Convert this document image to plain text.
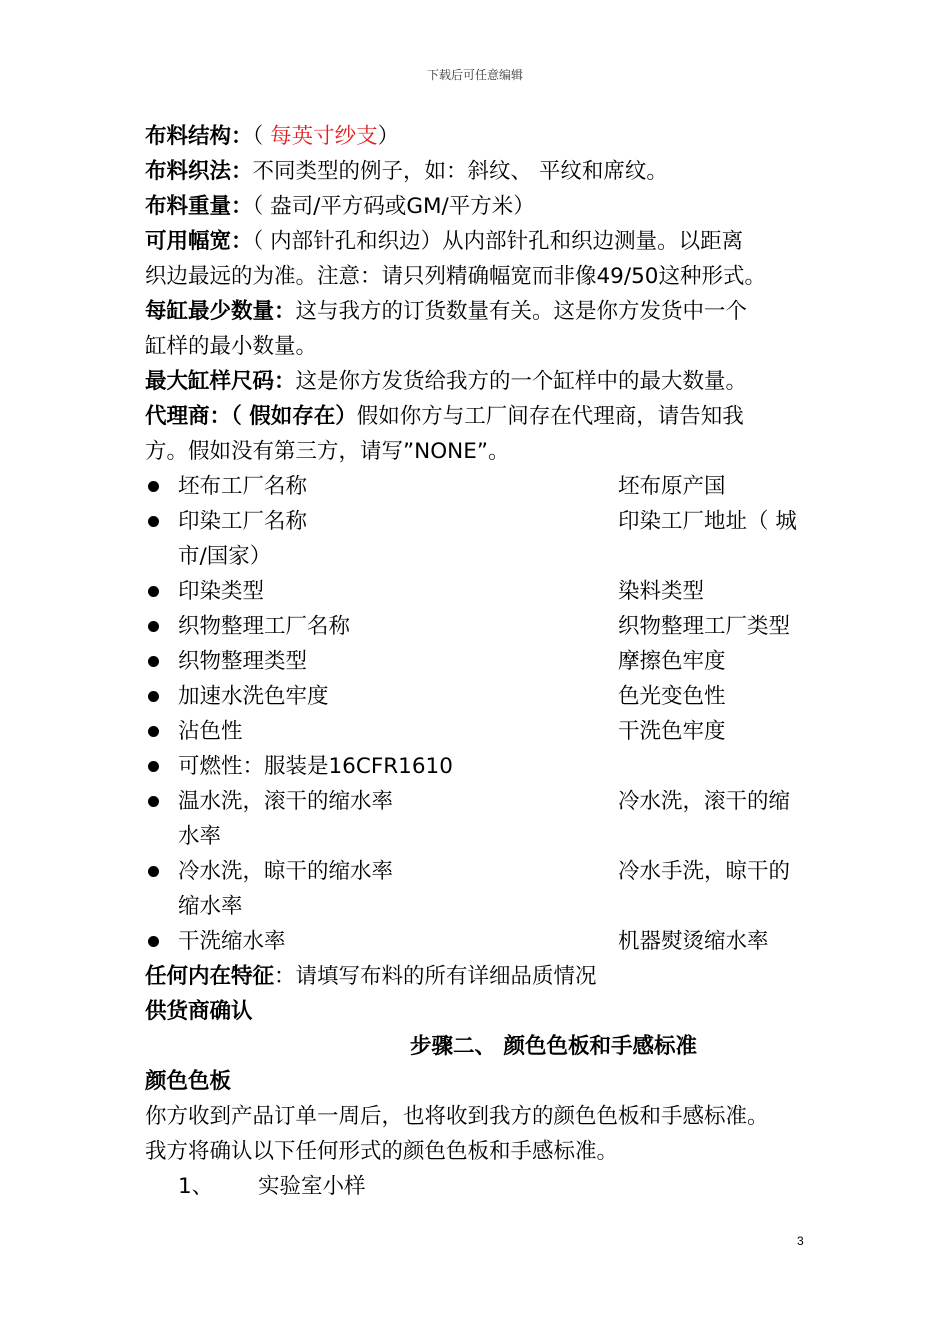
下载后可任意编辑
布料结构：（ 每英寸纱支）
布料织法：不同类型的例子，如：斜纹、 平纹和席纹。
布料重量：（ 盎司/平方码或GM/平方米）
可用幅宽：（ 内部针孔和织边）从内部针孔和织边测量。以距离
织边最远的为准。注意：请只列精确幅宽而非像49/50这种形式。
每缸最少数量：这与我方的订货数量有关。这是你方发货中一个
缸样的最小数量。
最大缸样尺码：这是你方发货给我方的一个缸样中的最大数量。
代理商：（ 假如存在）假如你方与工厂间存在代理商，请告知我
方。假如没有第三方，请写”NONE”。
坯布工厂名称	坯布原产国
印染工厂名称	印染工厂地址（ 城
市/国家）
印染类型	染料类型
织物整理工厂名称	织物整理工厂类型
织物整理类型	摩擦色牢度
加速水洗色牢度	色光变色性
沾色性	干洗色牢度
可燃性：服装是16CFR1610
温水洗，滚干的缩水率	冷水洗，滚干的缩
水率
冷水洗，晾干的缩水率	冷水手洗，晾干的
缩水率
干洗缩水率	机器熨烫缩水率
任何内在特征：请填写布料的所有详细品质情况
供货商确认
步骤二、 颜色色板和手感标准
颜色色板
你方收到产品订单一周后，也将收到我方的颜色色板和手感标准。
我方将确认以下任何形式的颜色色板和手感标准。
1、 实验室小样
3
